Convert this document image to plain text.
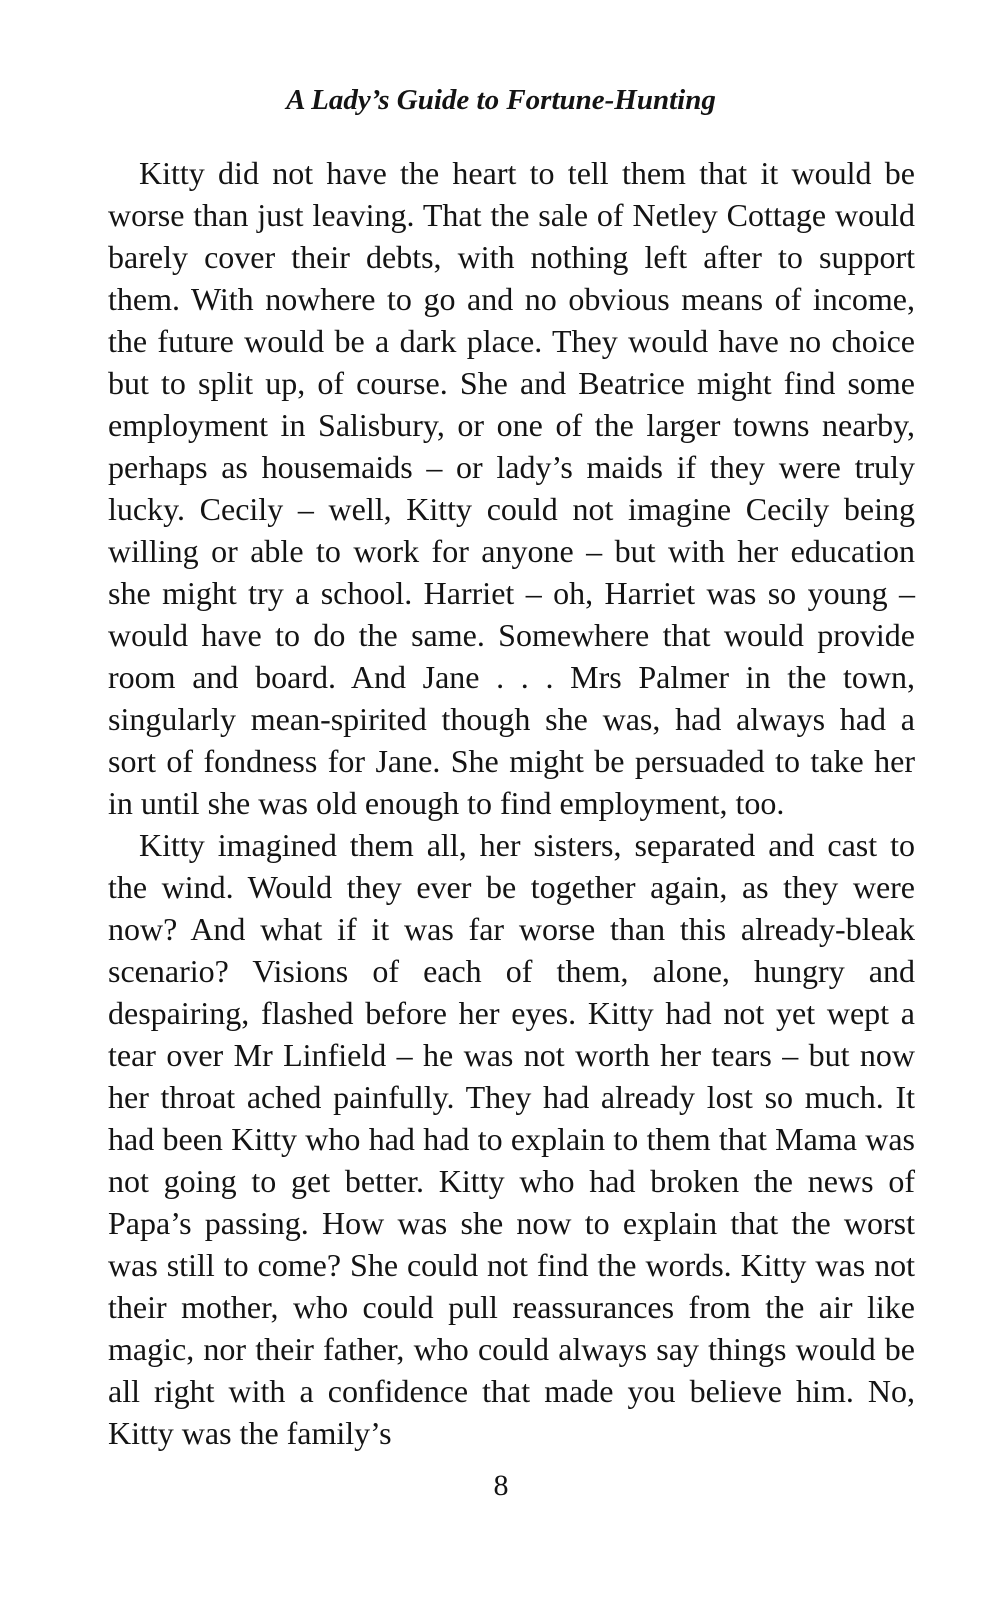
A Lady’s Guide to Fortune-Hunting

Kitty did not have the heart to tell them that it would be worse than just leaving. That the sale of Netley Cottage would barely cover their debts, with nothing left after to support them. With nowhere to go and no obvious means of income, the future would be a dark place. They would have no choice but to split up, of course. She and Beatrice might find some employment in Salisbury, or one of the larger towns nearby, perhaps as housemaids – or lady’s maids if they were truly lucky. Cecily – well, Kitty could not imagine Cecily being willing or able to work for anyone – but with her education she might try a school. Harriet – oh, Harriet was so young – would have to do the same. Somewhere that would provide room and board. And Jane . . . Mrs Palmer in the town, singularly mean-spirited though she was, had always had a sort of fondness for Jane. She might be persuaded to take her in until she was old enough to find employment, too.

Kitty imagined them all, her sisters, separated and cast to the wind. Would they ever be together again, as they were now? And what if it was far worse than this already-bleak scenario? Visions of each of them, alone, hungry and despairing, flashed before her eyes. Kitty had not yet wept a tear over Mr Linfield – he was not worth her tears – but now her throat ached painfully. They had already lost so much. It had been Kitty who had had to explain to them that Mama was not going to get better. Kitty who had broken the news of Papa’s passing. How was she now to explain that the worst was still to come? She could not find the words. Kitty was not their mother, who could pull reassurances from the air like magic, nor their father, who could always say things would be all right with a confidence that made you believe him. No, Kitty was the family’s

8
